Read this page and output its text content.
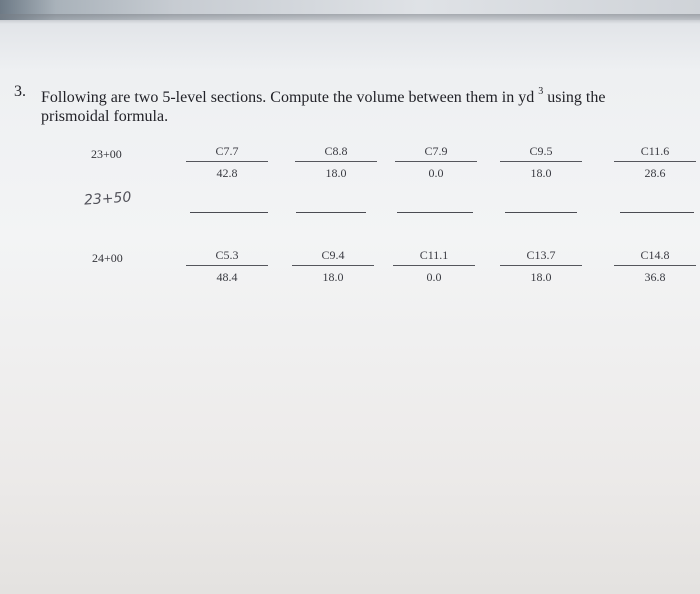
3. Following are two 5-level sections. Compute the volume between them in yd $^3$ using the prismoidal formula.
23+00	C7.7
42.8
C8.8
18.0
C7.9
0.0
C9.5
18.0
C11.6
28.6
23+50
24+00	C5.3
48.4
C9.4
18.0
C11.1
0.0
C13.7
18.0
C14.8
36.8
